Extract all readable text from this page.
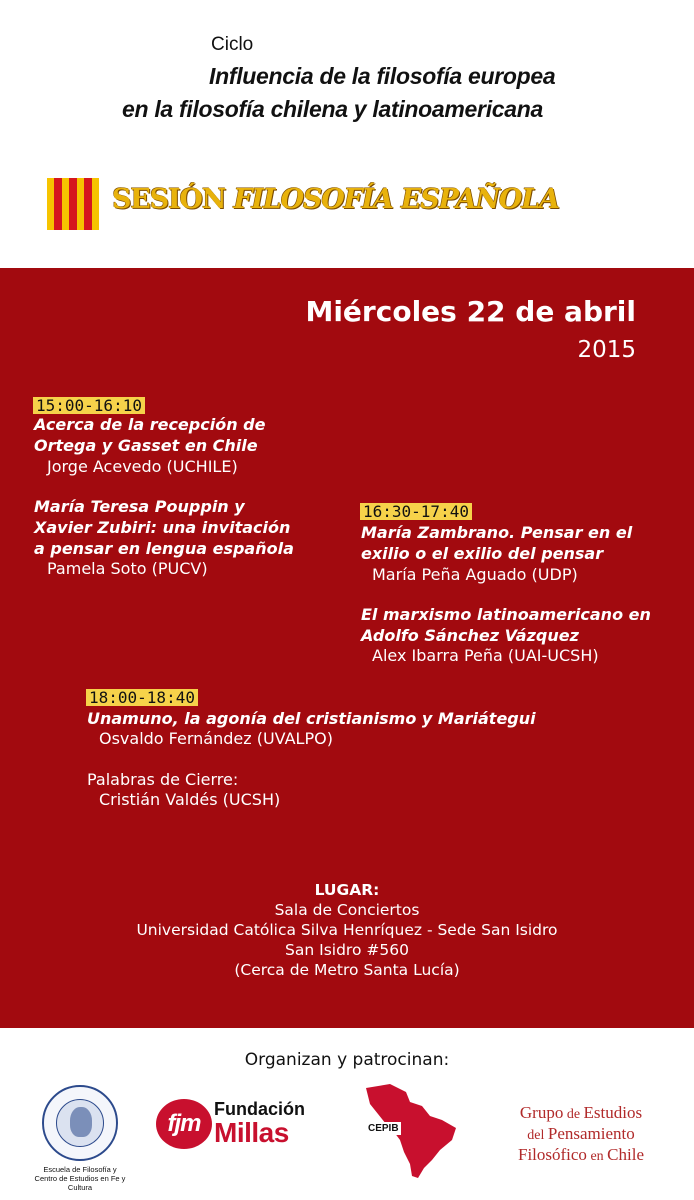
Ciclo
Influencia de la filosofía europea
en la filosofía chilena y latinoamericana
SESIÓN FILOSOFÍA ESPAÑOLA
Miércoles 22 de abril
2015
15:00-16:10
Acerca de la recepción de
Ortega y Gasset en Chile
Jorge Acevedo (UCHILE)
María Teresa Pouppin y
Xavier Zubiri: una invitación
a pensar en lengua española
Pamela Soto (PUCV)
16:30-17:40
María Zambrano. Pensar en el
exilio o el exilio del pensar
María Peña Aguado (UDP)
El marxismo latinoamericano en
Adolfo Sánchez Vázquez
Alex Ibarra Peña (UAI-UCSH)
18:00-18:40
Unamuno, la agonía del cristianismo y Mariátegui
Osvaldo Fernández (UVALPO)
Palabras de Cierre:
Cristián Valdés (UCSH)
LUGAR:
Sala de Conciertos
Universidad Católica Silva Henríquez - Sede San Isidro
San Isidro #560
(Cerca de Metro Santa Lucía)
Organizan y patrocinan:
Escuela de Filosofía y
Centro de Estudios en Fe y Cultura
fjm
Fundación
Millas	CEPIB
Grupo de Estudios
del Pensamiento
Filosófico en Chile
